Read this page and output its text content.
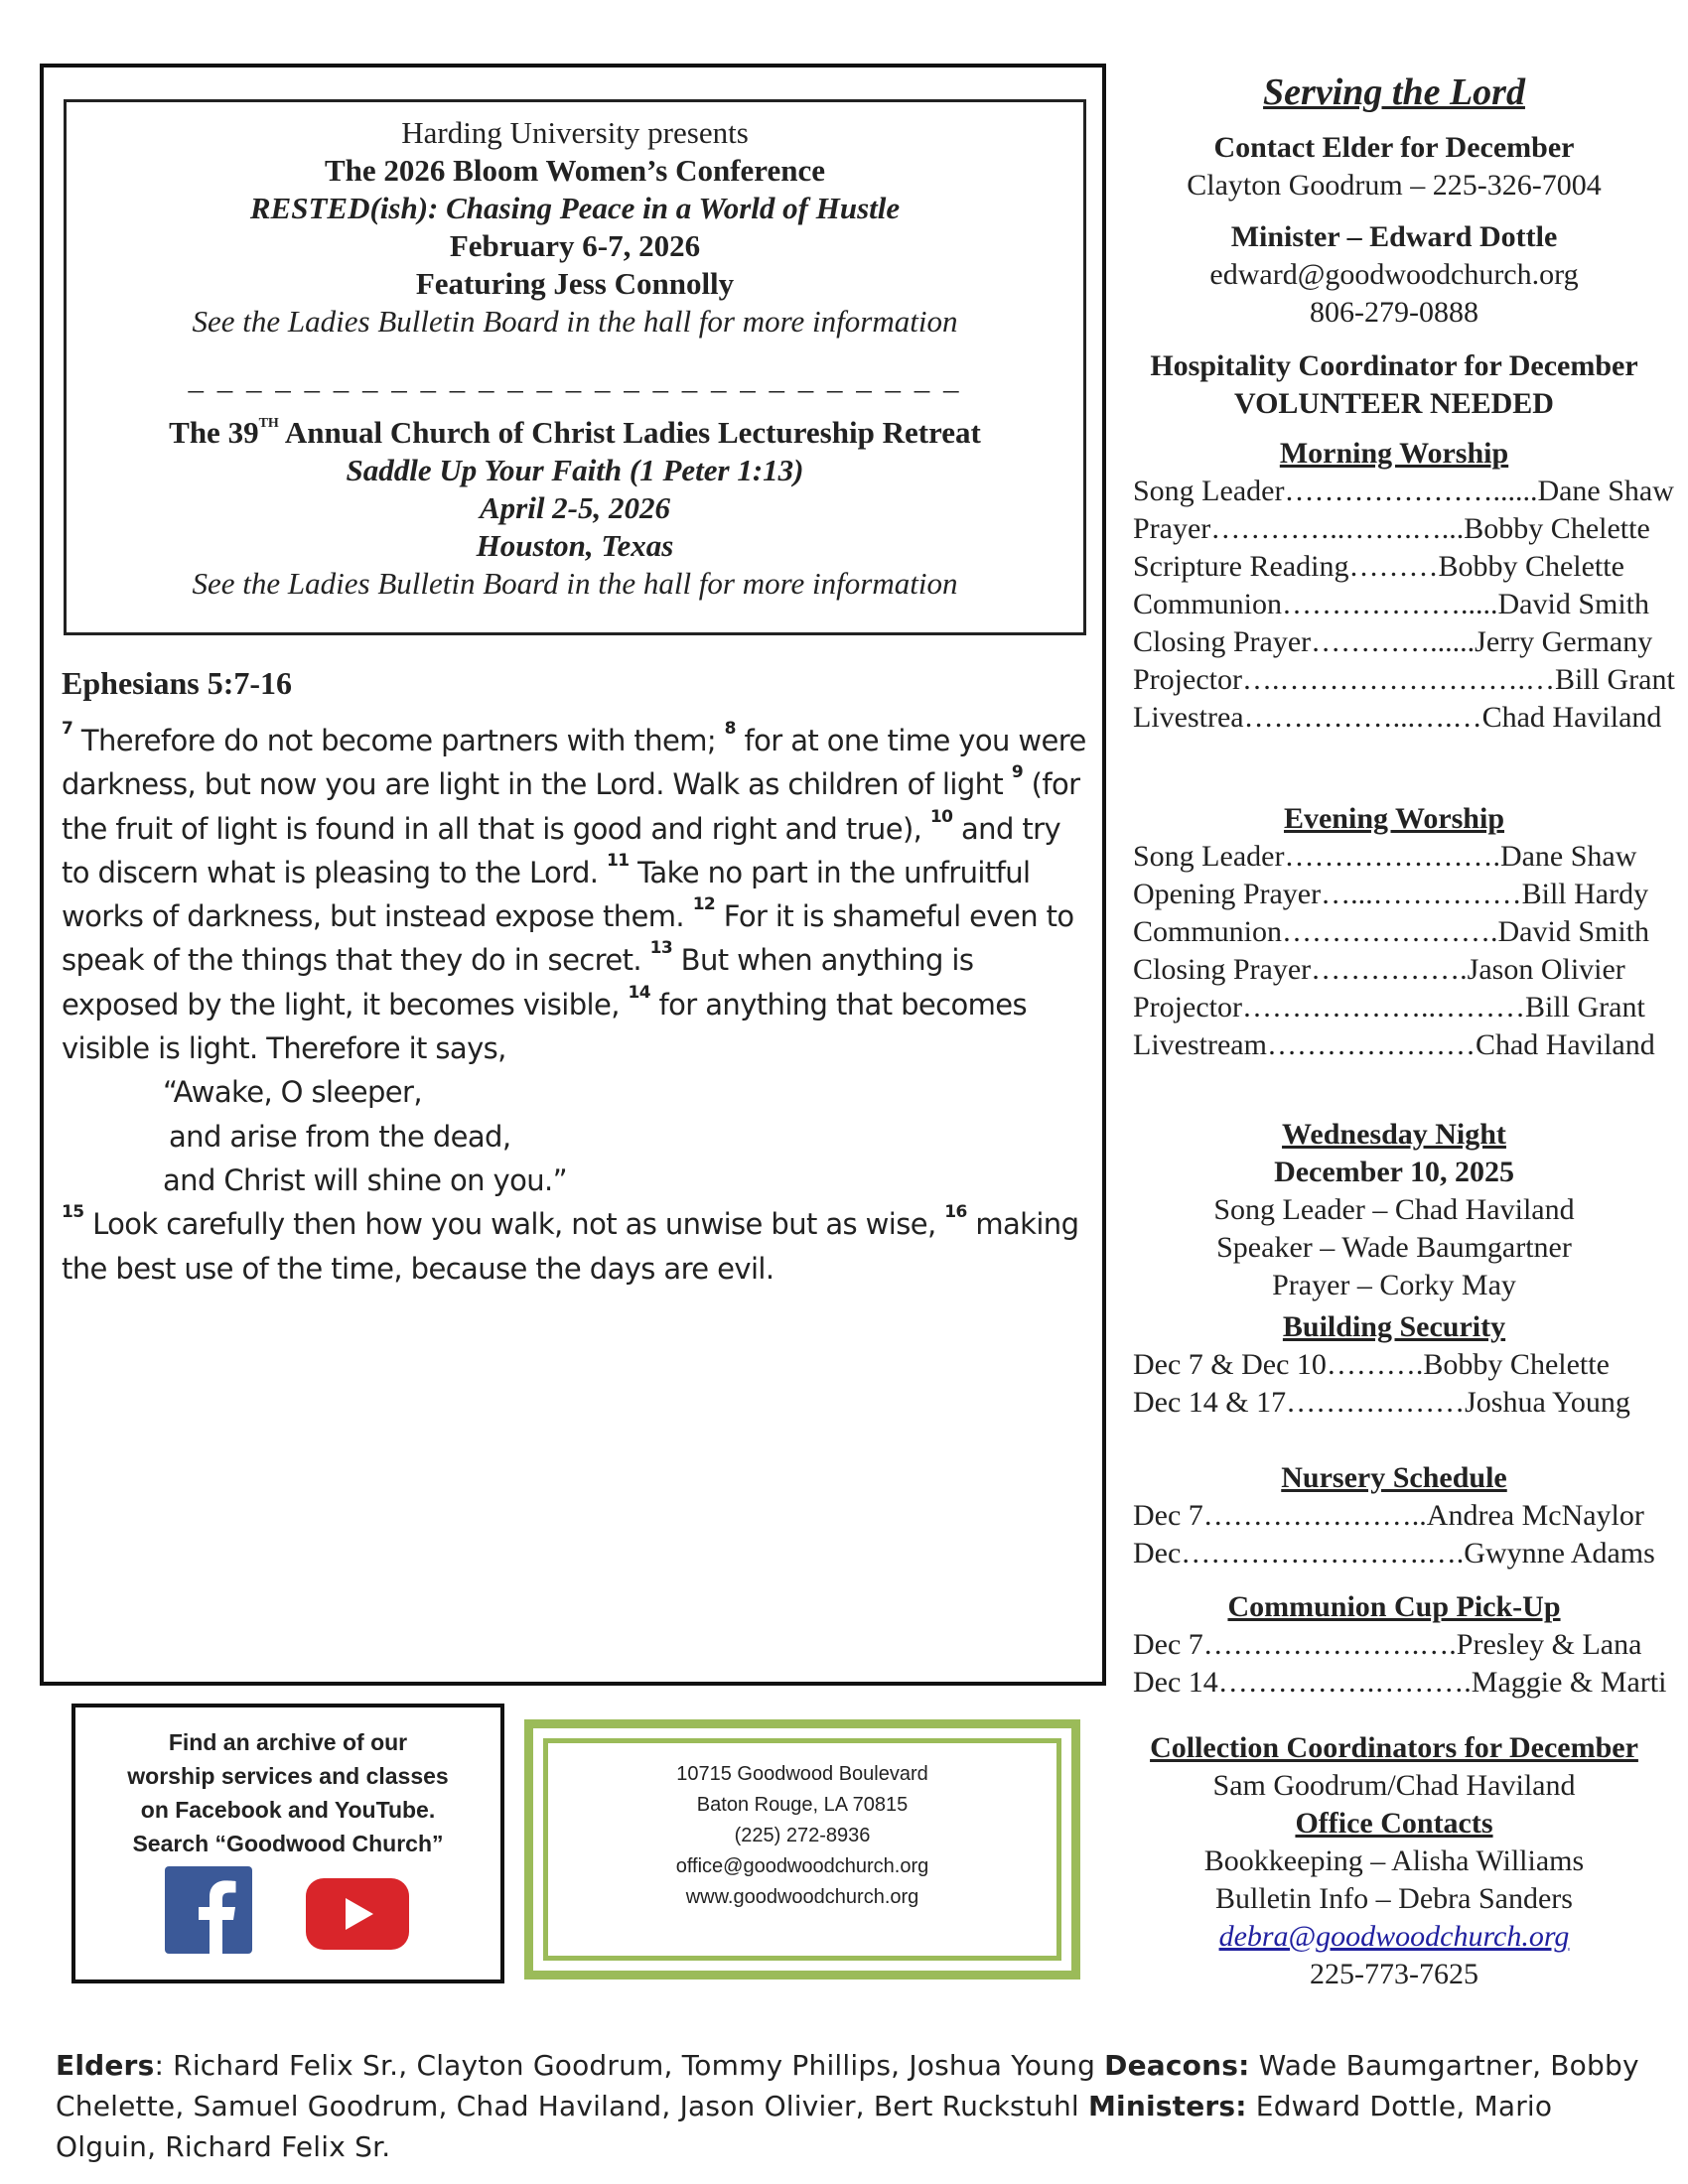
Harding University presents
The 2026 Bloom Women’s Conference
RESTED(ish): Chasing Peace in a World of Hustle
February 6-7, 2026
Featuring Jess Connolly
See the Ladies Bulletin Board in the hall for more information
– – – – – – – – – – – – – – – – – – – – – – – – – – –
The 39TH Annual Church of Christ Ladies Lectureship Retreat
Saddle Up Your Faith (1 Peter 1:13)
April 2-5, 2026
Houston, Texas
See the Ladies Bulletin Board in the hall for more information
Ephesians 5:7-16
$^7$ Therefore do not become partners with them; $^8$ for at one time you were darkness, but now you are light in the Lord. Walk as children of light $^9$ (for the fruit of light is found in all that is good and right and true), $^{10}$ and try to discern what is pleasing to the Lord. $^{11}$ Take no part in the unfruitful works of darkness, but instead expose them. $^{12}$ For it is shameful even to speak of the things that they do in secret. $^{13}$ But when anything is exposed by the light, it becomes visible, $^{14}$ for anything that becomes visible is light. Therefore it says,
“Awake, O sleeper,
and arise from the dead,
and Christ will shine on you.”
$^{15}$ Look carefully then how you walk, not as unwise but as wise, $^{16}$ making the best use of the time, because the days are evil.
Find an archive of our
worship services and classes
on Facebook and YouTube.
Search “Goodwood Church”
10715 Goodwood Boulevard
Baton Rouge, LA 70815
(225) 272-8936
office@goodwoodchurch.org
www.goodwoodchurch.org
Serving the Lord
Contact Elder for December
Clayton Goodrum – 225-326-7004
Minister – Edward Dottle
edward@goodwoodchurch.org
806-279-0888
Hospitality Coordinator for December
VOLUNTEER NEEDED
Morning Worship
Song Leader…………………......Dane Shaw
Prayer…………..…….…...Bobby Chelette
Scripture Reading………Bobby Chelette
Communion……………….....David Smith
Closing Prayer…………......Jerry Germany
Projector….…………………….…Bill Grant
Livestrea……………...….…Chad Haviland
Evening Worship
Song Leader………………….Dane Shaw
Opening Prayer…...……………Bill Hardy
Communion………………….David Smith
Closing Prayer…………….Jason Olivier
Projector………………..………Bill Grant
Livestream…………………Chad Haviland
Wednesday Night
December 10, 2025
Song Leader – Chad Haviland
Speaker – Wade Baumgartner
Prayer – Corky May
Building Security
Dec 7 & Dec 10……….Bobby Chelette
Dec 14 & 17………………Joshua Young
Nursery Schedule
Dec 7…………………..Andrea McNaylor
Dec…………………….….Gwynne Adams
Communion Cup Pick-Up
Dec 7………………….….Presley & Lana
Dec 14…………….……….Maggie & Marti
Collection Coordinators for December
Sam Goodrum/Chad Haviland
Office Contacts
Bookkeeping – Alisha Williams
Bulletin Info – Debra Sanders
debra@goodwoodchurch.org
225-773-7625
Elders: Richard Felix Sr., Clayton Goodrum, Tommy Phillips, Joshua Young Deacons: Wade Baumgartner, Bobby Chelette, Samuel Goodrum, Chad Haviland, Jason Olivier, Bert Ruckstuhl Ministers: Edward Dottle, Mario Olguin, Richard Felix Sr.
